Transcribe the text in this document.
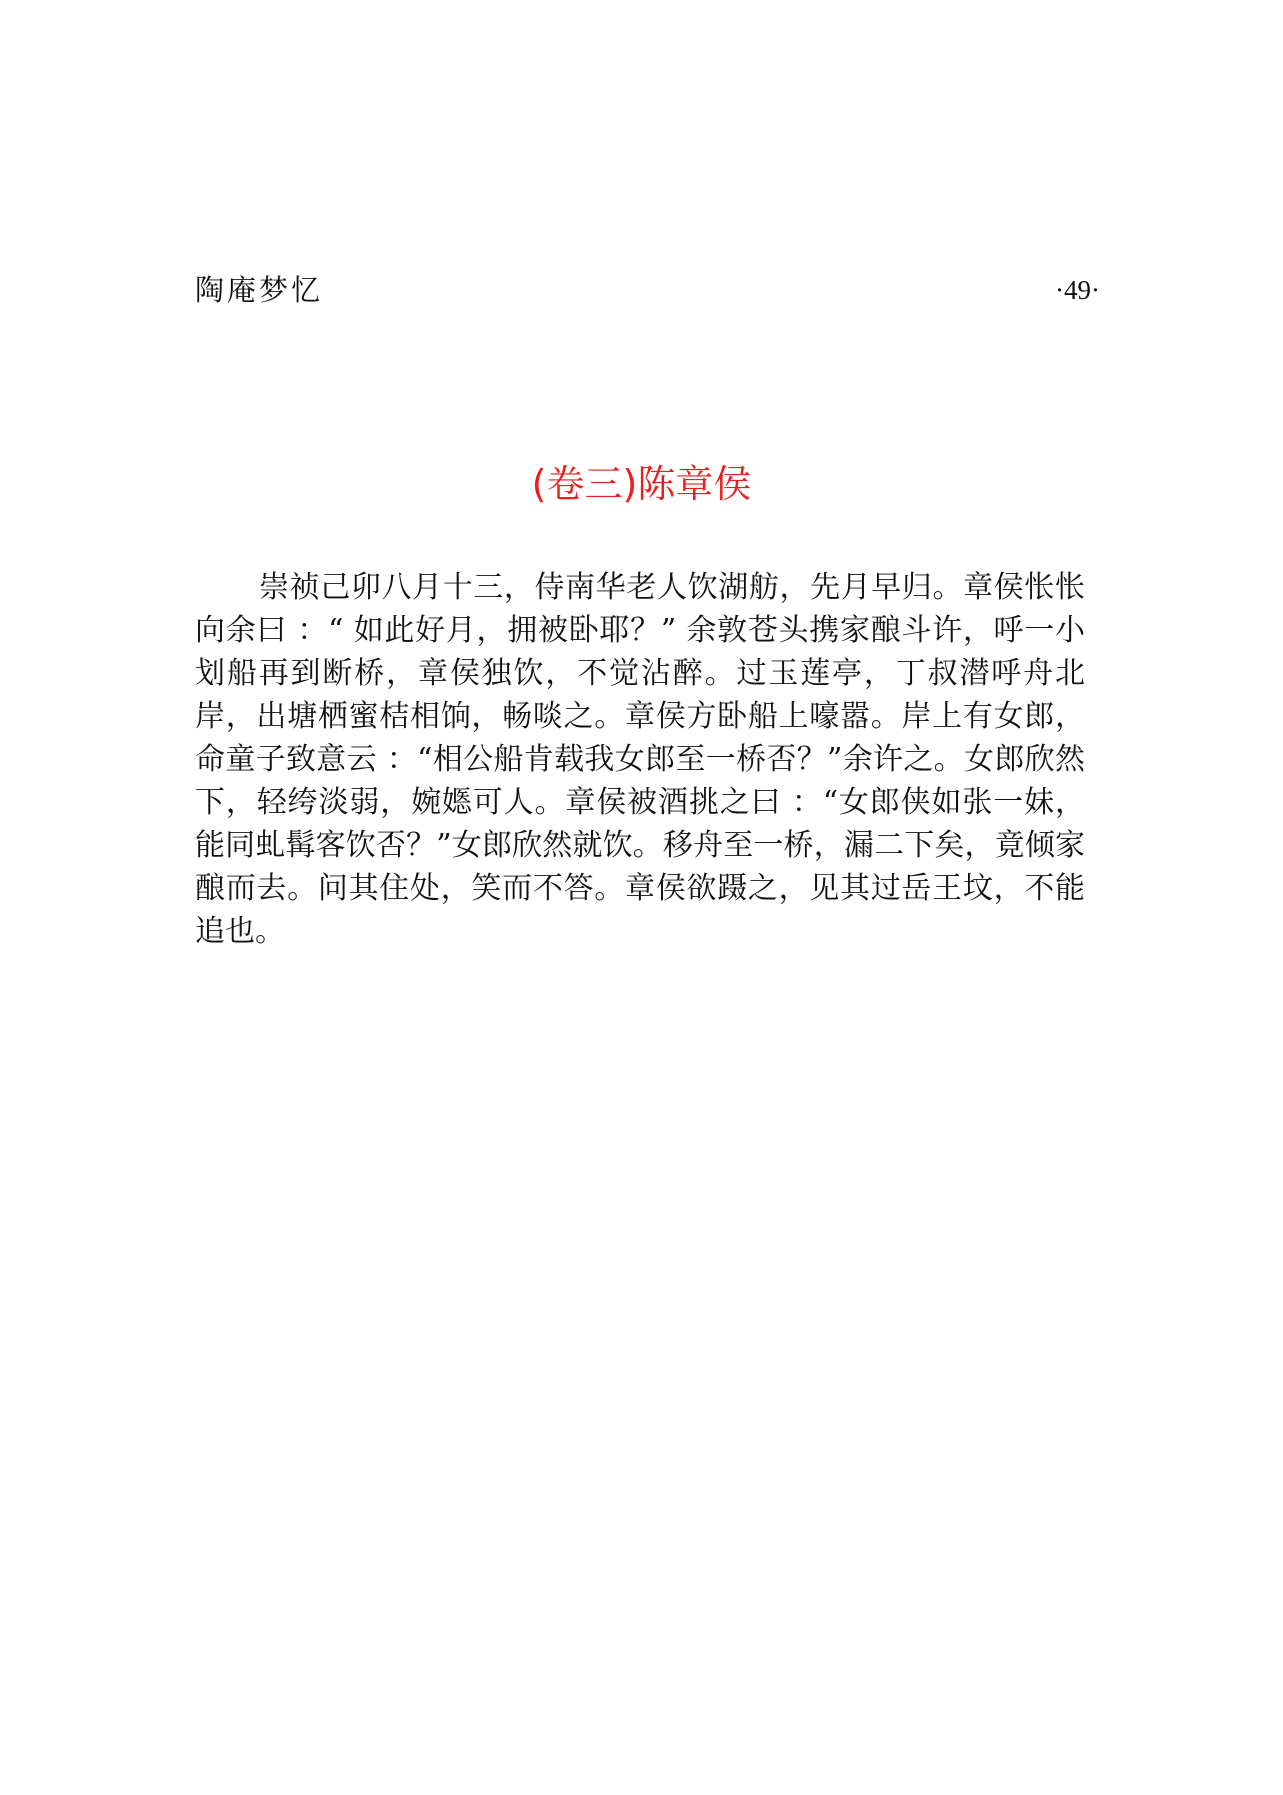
陶庵梦忆	·49·
(卷三)陈章侯

崇祯己卯八月十三，侍南华老人饮湖舫，先月早归。章侯怅怅向余曰 ：“ 如此好月，拥被卧耶？” 余敦苍头携家酿斗许，呼一小划船再到断桥，章侯独饮，不觉沾醉。过玉莲亭，丁叔潜呼舟北岸，出塘栖蜜桔相饷，畅啖之。章侯方卧船上嚎嚣。岸上有女郎，命童子致意云 ：“相公船肯载我女郎至一桥否？”余许之。女郎欣然下，轻绔淡弱，婉嫕可人。章侯被酒挑之曰 ：“女郎侠如张一妹，能同虬髯客饮否？”女郎欣然就饮。移舟至一桥，漏二下矣，竟倾家酿而去。问其住处，笑而不答。章侯欲蹑之，见其过岳王坟，不能追也。
